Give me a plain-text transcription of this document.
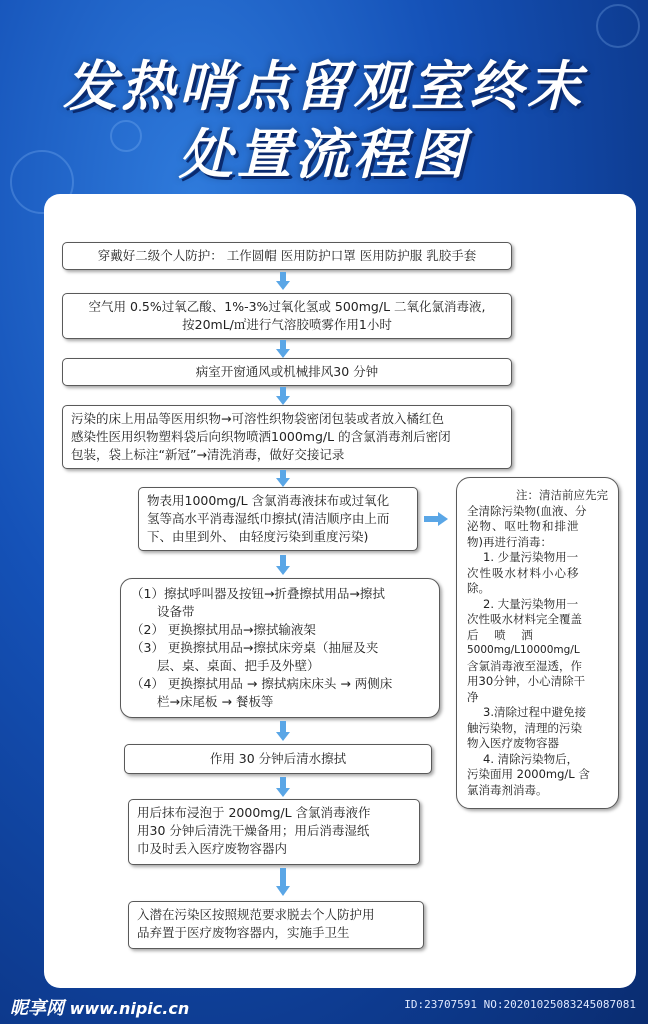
发热哨点留观室终末
处置流程图
穿戴好二级个人防护： 工作圆帽 医用防护口罩 医用防护服 乳胶手套
空气用 0.5%过氧乙酸、1%-3%过氧化氢或 500mg/L 二氧化氯消毒液,
按20mL/㎡进行气溶胶喷雾作用1小时
病室开窗通风或机械排风30 分钟
污染的床上用品等医用织物→可溶性织物袋密闭包装或者放入橘红色
感染性医用织物塑料袋后向织物喷洒1000mg/L 的含氯消毒剂后密闭
包装，袋上标注“新冠”→清洗消毒，做好交接记录
物表用1000mg/L 含氯消毒液抹布或过氧化
氢等高水平消毒湿纸巾擦拭(清洁顺序由上而
下、由里到外、 由轻度污染到重度污染)
（1）擦拭呼叫器及按钮→折叠擦拭用品→擦拭
设备带
（2） 更换擦拭用品→擦拭输液架
（3） 更换擦拭用品→擦拭床旁桌（抽屉及夹
层、桌、桌面、把手及外壁）
（4） 更换擦拭用品 → 擦拭病床床头 → 两侧床
栏→床尾板 → 餐板等
作用 30 分钟后清水擦拭
用后抹布浸泡于 2000mg/L 含氯消毒液作
用30 分钟后清洗干燥备用；用后消毒湿纸
巾及时丢入医疗废物容器内
入潜在污染区按照规范要求脱去个人防护用
品弃置于医疗废物容器内，实施手卫生
注：清洁前应先完
全清除污染物(血液、分
泌物、呕吐物和排泄
物)再进行消毒：
1. 少量污染物用一
次性吸水材料小心移
除。
2. 大量污染物用一
次性吸水材料完全覆盖
后 喷 洒
5000mg/L10000mg/L
含氯消毒液至湿透，作
用30分钟，小心清除干
净
3.清除过程中避免接
触污染物，清理的污染
物入医疗废物容器
4. 清除污染物后，
污染面用 2000mg/L 含
氯消毒剂消毒。
昵享网 www.nipic.cn	ID:23707591 NO:20201025083245087081
